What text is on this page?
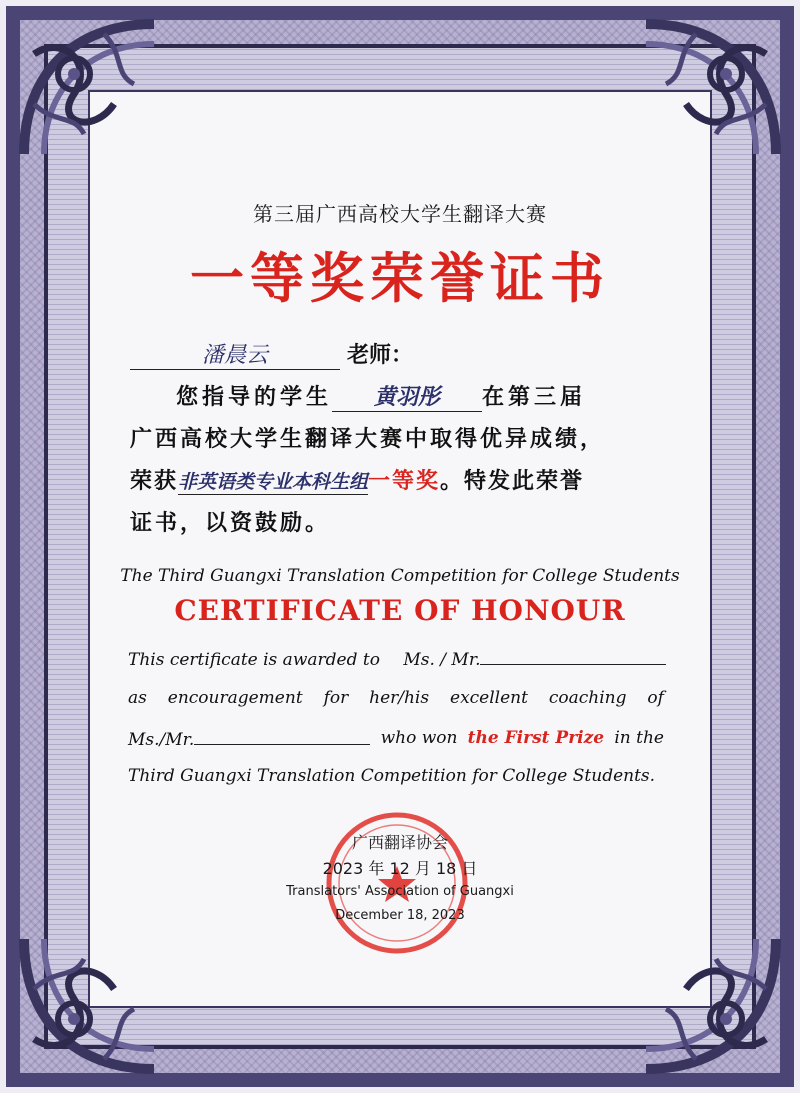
第三届广西高校大学生翻译大赛
一等奖荣誉证书
潘晨云	老师：
您指导的学生 黄羽彤 在第三届
广西高校大学生翻译大赛中取得优异成绩，
荣获非英语类专业本科生组一等奖。特发此荣誉
证书，以资鼓励。
The Third Guangxi Translation Competition for College Students
CERTIFICATE OF HONOUR
This certificate is awarded to Ms. / Mr.
as encouragement for her/his excellent coaching of
Ms./Mr.	who won the First Prize in the
Third Guangxi Translation Competition for College Students.
广西翻译协会
2023 年 12 月 18 日
Translators' Association of Guangxi
December 18, 2023
